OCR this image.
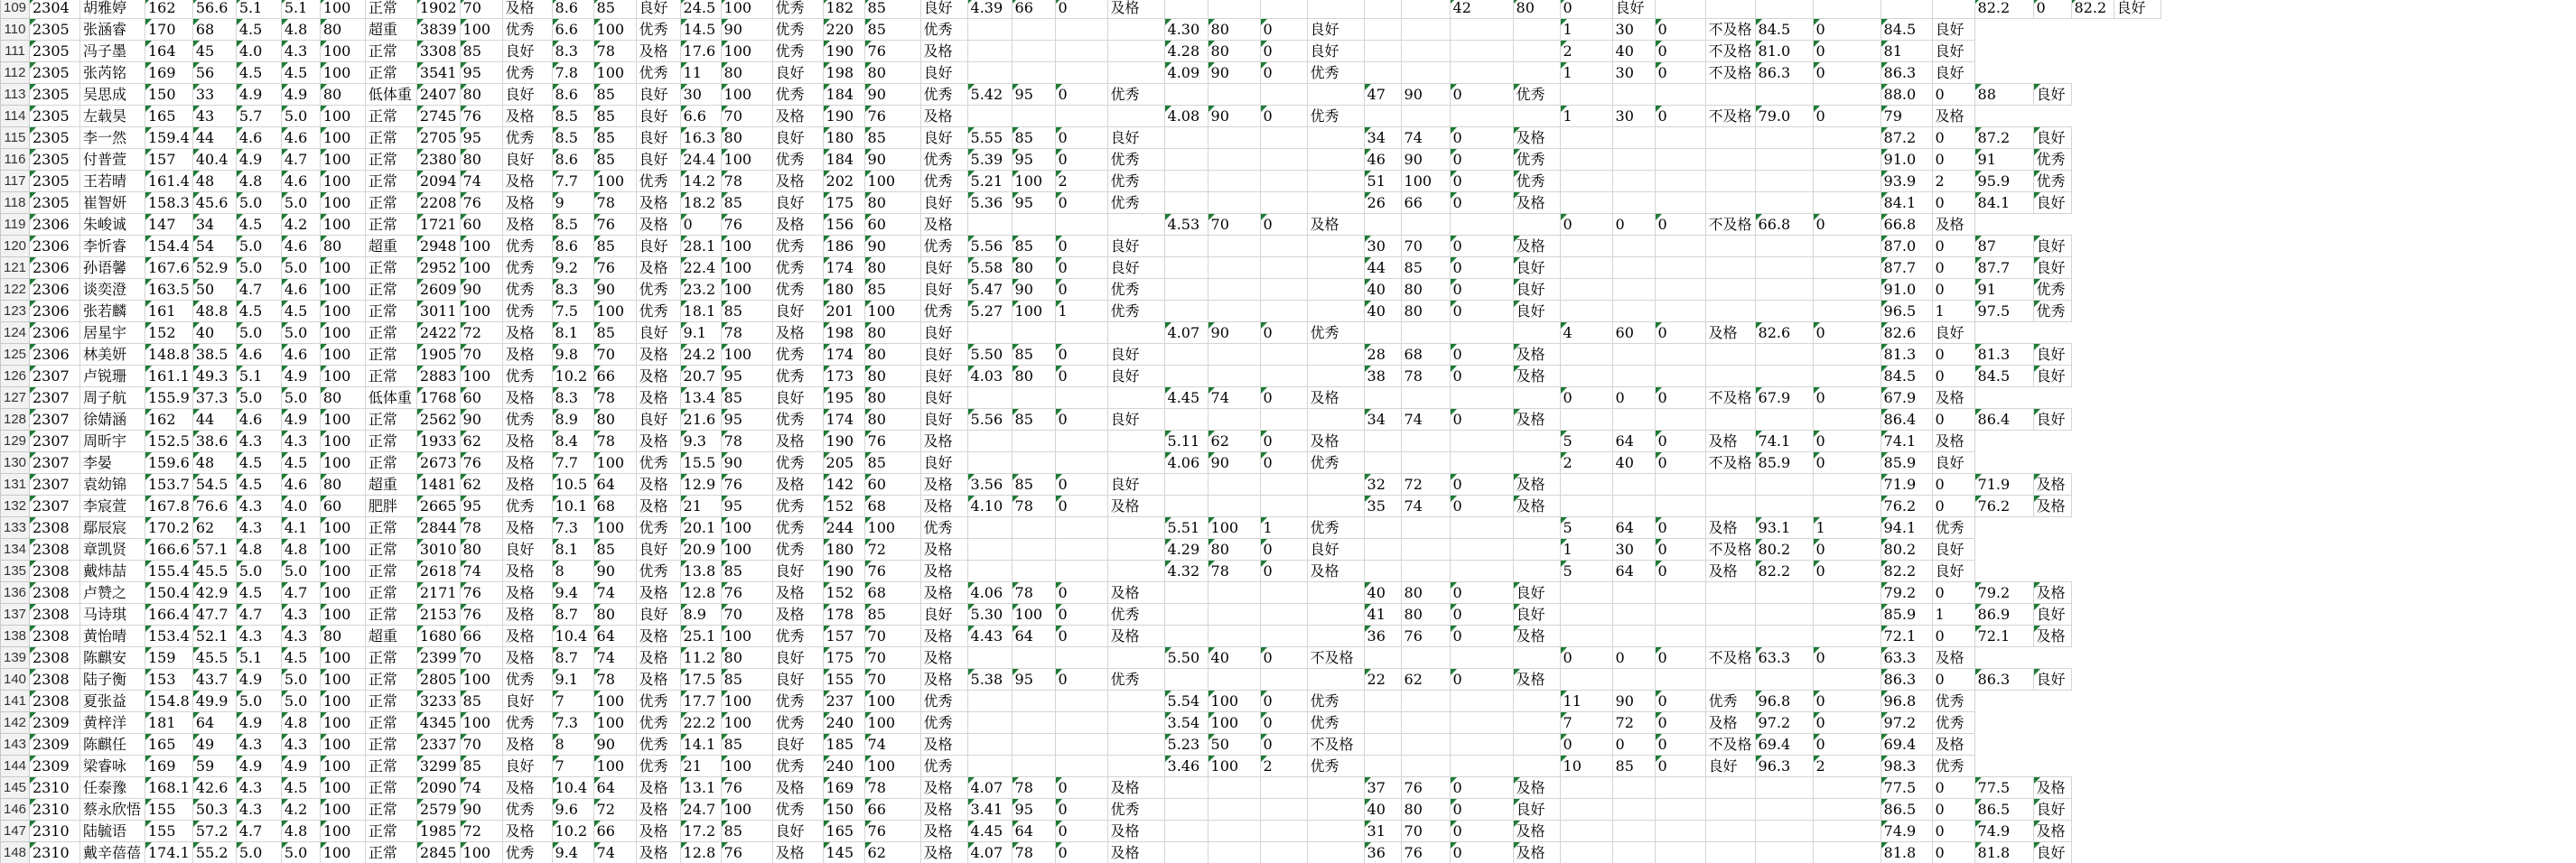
109	2304	胡雅婷	162	56.6	5.1	5.1	100	正常	1902	70	及格	8.6	85	良好	24.5	100	优秀	182	85	良好	4.39	66	0	及格							42	80	0	良好							82.2	0	82.2	良好
110	2305	张涵睿	170	68	4.5	4.8	80	超重	3839	100	优秀	6.6	100	优秀	14.5	90	优秀	220	85	优秀					4.30	80	0	良好					1	30	0	不及格	84.5	0	84.5	良好				
111	2305	冯子墨	164	45	4.0	4.3	100	正常	3308	85	良好	8.3	78	及格	17.6	100	优秀	190	76	及格					4.28	80	0	良好					2	40	0	不及格	81.0	0	81	良好				
112	2305	张芮铭	169	56	4.5	4.5	100	正常	3541	95	优秀	7.8	100	优秀	11	80	良好	198	80	良好					4.09	90	0	优秀					1	30	0	不及格	86.3	0	86.3	良好				
113	2305	吴思成	150	33	4.9	4.9	80	低体重	2407	80	良好	8.6	85	良好	30	100	优秀	184	90	优秀	5.42	95	0	优秀					47	90	0	优秀							88.0	0	88	良好		
114	2305	左载昊	165	43	5.7	5.0	100	正常	2745	76	及格	8.5	85	良好	6.6	70	及格	190	76	及格					4.08	90	0	优秀					1	30	0	不及格	79.0	0	79	及格				
115	2305	李一然	159.4	44	4.6	4.6	100	正常	2705	95	优秀	8.5	85	良好	16.3	80	良好	180	85	良好	5.55	85	0	良好					34	74	0	及格							87.2	0	87.2	良好		
116	2305	付普萱	157	40.4	4.9	4.7	100	正常	2380	80	良好	8.6	85	良好	24.4	100	优秀	184	90	优秀	5.39	95	0	优秀					46	90	0	优秀							91.0	0	91	优秀		
117	2305	王若晴	161.4	48	4.8	4.6	100	正常	2094	74	及格	7.7	100	优秀	14.2	78	及格	202	100	优秀	5.21	100	2	优秀					51	100	0	优秀							93.9	2	95.9	优秀		
118	2305	崔智妍	158.3	45.6	5.0	5.0	100	正常	2208	76	及格	9	78	及格	18.2	85	良好	175	80	良好	5.36	95	0	优秀					26	66	0	及格							84.1	0	84.1	良好		
119	2306	朱峻诚	147	34	4.5	4.2	100	正常	1721	60	及格	8.5	76	及格	0	76	及格	156	60	及格					4.53	70	0	及格					0	0	0	不及格	66.8	0	66.8	及格				
120	2306	李忻睿	154.4	54	5.0	4.6	80	超重	2948	100	优秀	8.6	85	良好	28.1	100	优秀	186	90	优秀	5.56	85	0	良好					30	70	0	及格							87.0	0	87	良好		
121	2306	孙语馨	167.6	52.9	5.0	5.0	100	正常	2952	100	优秀	9.2	76	及格	22.4	100	优秀	174	80	良好	5.58	80	0	良好					44	85	0	良好							87.7	0	87.7	良好		
122	2306	谈奕澄	163.5	50	4.7	4.6	100	正常	2609	90	优秀	8.3	90	优秀	23.2	100	优秀	180	85	良好	5.47	90	0	优秀					40	80	0	良好							91.0	0	91	优秀		
123	2306	张若麟	161	48.8	4.5	4.5	100	正常	3011	100	优秀	7.5	100	优秀	18.1	85	良好	201	100	优秀	5.27	100	1	优秀					40	80	0	良好							96.5	1	97.5	优秀		
124	2306	居星宇	152	40	5.0	5.0	100	正常	2422	72	及格	8.1	85	良好	9.1	78	及格	198	80	良好					4.07	90	0	优秀					4	60	0	及格	82.6	0	82.6	良好				
125	2306	林美妍	148.8	38.5	4.6	4.6	100	正常	1905	70	及格	9.8	70	及格	24.2	100	优秀	174	80	良好	5.50	85	0	良好					28	68	0	及格							81.3	0	81.3	良好		
126	2307	卢锐珊	161.1	49.3	5.1	4.9	100	正常	2883	100	优秀	10.2	66	及格	20.7	95	优秀	173	80	良好	4.03	80	0	良好					38	78	0	及格							84.5	0	84.5	良好		
127	2307	周子航	155.9	37.3	5.0	5.0	80	低体重	1768	60	及格	8.3	78	及格	13.4	85	良好	195	80	良好					4.45	74	0	及格					0	0	0	不及格	67.9	0	67.9	及格				
128	2307	徐婧涵	162	44	4.6	4.9	100	正常	2562	90	优秀	8.9	80	良好	21.6	95	优秀	174	80	良好	5.56	85	0	良好					34	74	0	及格							86.4	0	86.4	良好		
129	2307	周昕宇	152.5	38.6	4.3	4.3	100	正常	1933	62	及格	8.4	78	及格	9.3	78	及格	190	76	及格					5.11	62	0	及格					5	64	0	及格	74.1	0	74.1	及格				
130	2307	李晏	159.6	48	4.5	4.5	100	正常	2673	76	及格	7.7	100	优秀	15.5	90	优秀	205	85	良好					4.06	90	0	优秀					2	40	0	不及格	85.9	0	85.9	良好				
131	2307	袁幼锦	153.7	54.5	4.5	4.6	80	超重	1481	62	及格	10.5	64	及格	12.9	76	及格	142	60	及格	3.56	85	0	良好					32	72	0	及格							71.9	0	71.9	及格		
132	2307	李宸萱	167.8	76.6	4.3	4.0	60	肥胖	2665	95	优秀	10.1	68	及格	21	95	优秀	152	68	及格	4.10	78	0	及格					35	74	0	及格							76.2	0	76.2	及格		
133	2308	鄢辰宸	170.2	62	4.3	4.1	100	正常	2844	78	及格	7.3	100	优秀	20.1	100	优秀	244	100	优秀					5.51	100	1	优秀					5	64	0	及格	93.1	1	94.1	优秀				
134	2308	章凯贤	166.6	57.1	4.8	4.8	100	正常	3010	80	良好	8.1	85	良好	20.9	100	优秀	180	72	及格					4.29	80	0	良好					1	30	0	不及格	80.2	0	80.2	良好				
135	2308	戴炜喆	155.4	45.5	5.0	5.0	100	正常	2618	74	及格	8	90	优秀	13.8	85	良好	190	76	及格					4.32	78	0	及格					5	64	0	及格	82.2	0	82.2	良好				
136	2308	卢赞之	150.4	42.9	4.5	4.7	100	正常	2171	76	及格	9.4	74	及格	12.8	76	及格	152	68	及格	4.06	78	0	及格					40	80	0	良好							79.2	0	79.2	及格		
137	2308	马诗琪	166.4	47.7	4.7	4.3	100	正常	2153	76	及格	8.7	80	良好	8.9	70	及格	178	85	良好	5.30	100	0	优秀					41	80	0	良好							85.9	1	86.9	良好		
138	2308	黄怡晴	153.4	52.1	4.3	4.3	80	超重	1680	66	及格	10.4	64	及格	25.1	100	优秀	157	70	及格	4.43	64	0	及格					36	76	0	及格							72.1	0	72.1	及格		
139	2308	陈麒安	159	45.5	5.1	4.5	100	正常	2399	70	及格	8.7	74	及格	11.2	80	良好	175	70	及格					5.50	40	0	不及格					0	0	0	不及格	63.3	0	63.3	及格				
140	2308	陆子衡	153	43.7	4.9	5.0	100	正常	2805	100	优秀	9.1	78	及格	17.5	85	良好	155	70	及格	5.38	95	0	优秀					22	62	0	及格							86.3	0	86.3	良好		
141	2308	夏张益	154.8	49.9	5.0	5.0	100	正常	3233	85	良好	7	100	优秀	17.7	100	优秀	237	100	优秀					5.54	100	0	优秀					11	90	0	优秀	96.8	0	96.8	优秀				
142	2309	黄梓洋	181	64	4.9	4.8	100	正常	4345	100	优秀	7.3	100	优秀	22.2	100	优秀	240	100	优秀					3.54	100	0	优秀					7	72	0	及格	97.2	0	97.2	优秀				
143	2309	陈麒任	165	49	4.3	4.3	100	正常	2337	70	及格	8	90	优秀	14.1	85	良好	185	74	及格					5.23	50	0	不及格					0	0	0	不及格	69.4	0	69.4	及格				
144	2309	梁睿咏	169	59	4.9	4.9	100	正常	3299	85	良好	7	100	优秀	21	100	优秀	240	100	优秀					3.46	100	2	优秀					10	85	0	良好	96.3	2	98.3	优秀				
145	2310	任泰豫	168.1	42.6	4.3	4.5	100	正常	2090	74	及格	10.4	64	及格	13.1	76	及格	169	78	及格	4.07	78	0	及格					37	76	0	及格							77.5	0	77.5	及格		
146	2310	蔡永欣悟	155	50.3	4.3	4.2	100	正常	2579	90	优秀	9.6	72	及格	24.7	100	优秀	150	66	及格	3.41	95	0	优秀					40	80	0	良好							86.5	0	86.5	良好		
147	2310	陆毓语	155	57.2	4.7	4.8	100	正常	1985	72	及格	10.2	66	及格	17.2	85	良好	165	76	及格	4.45	64	0	及格					31	70	0	及格							74.9	0	74.9	及格		
148	2310	戴辛蓓蓓	174.1	55.2	5.0	5.0	100	正常	2845	100	优秀	9.4	74	及格	12.8	76	及格	145	62	及格	4.07	78	0	及格					36	76	0	及格							81.8	0	81.8	良好		
